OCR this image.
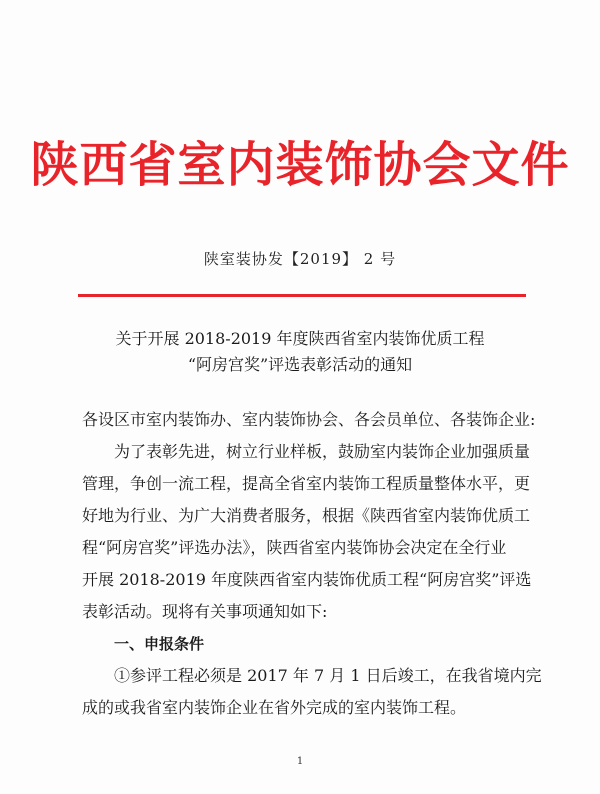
陕西省室内装饰协会文件
陕室装协发【2019】 2 号
关于开展 2018-2019 年度陕西省室内装饰优质工程
“阿房宫奖”评选表彰活动的通知

各设区市室内装饰办、室内装饰协会、各会员单位、各装饰企业:

为了表彰先进，树立行业样板，鼓励室内装饰企业加强质量

管理，争创一流工程，提高全省室内装饰工程质量整体水平，更

好地为行业、为广大消费者服务，根据《陕西省室内装饰优质工

程“阿房宫奖”评选办法》，陕西省室内装饰协会决定在全行业

开展 2018-2019 年度陕西省室内装饰优质工程“阿房宫奖”评选

表彰活动。现将有关事项通知如下:

一、申报条件

①参评工程必须是 2017 年 7 月 1 日后竣工，在我省境内完

成的或我省室内装饰企业在省外完成的室内装饰工程。

1
